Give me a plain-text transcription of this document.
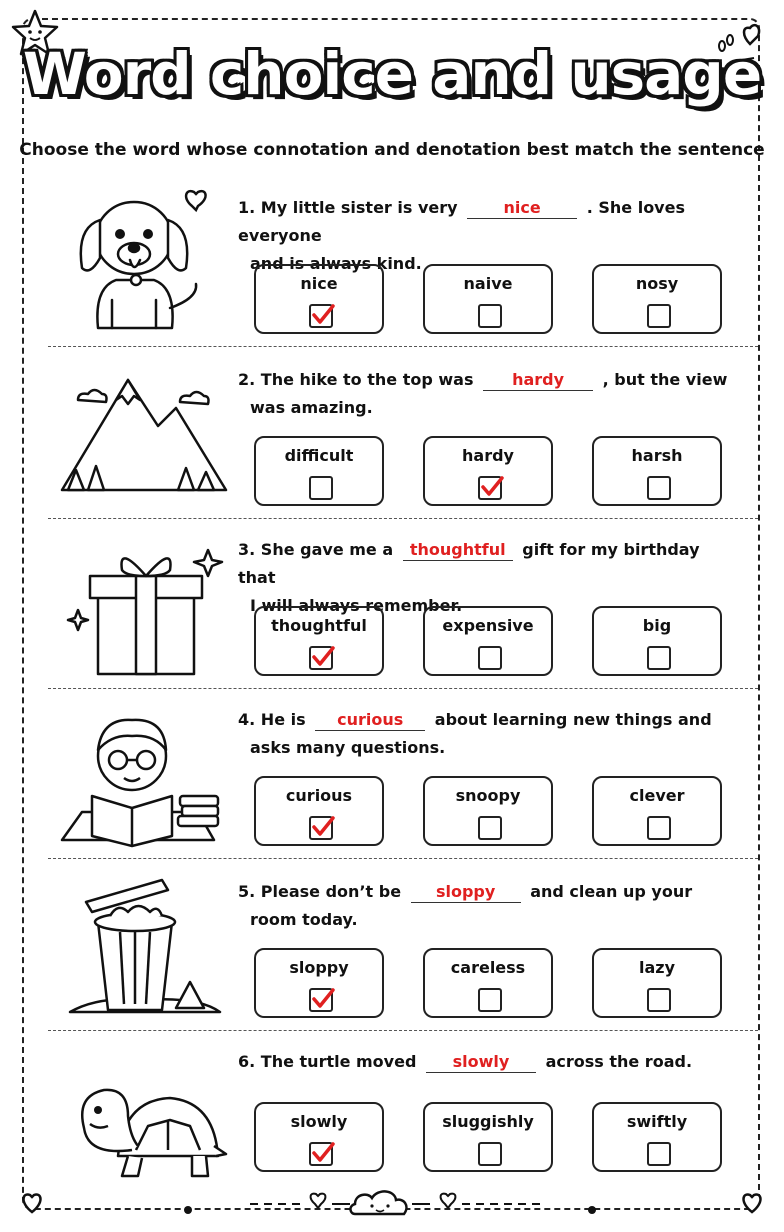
Word choice and usage
Choose the word whose connotation and denotation best match the sentence
1. My little sister is very	nice	. She loves everyone
and is always kind.
nice	naive	nosy
2. The hike to the top was hardy , but the view
was amazing.
difficult	hardy	harsh
3. She gave me a thoughtful gift for my birthday that
I will always remember.
thoughtful	expensive	big
4. He is curious about learning new things and
asks many questions.
curious	snoopy	clever
5. Please don’t be sloppy and clean up your
room today.
sloppy	careless	lazy
6. The turtle moved slowly across the road.
slowly	sluggishly	swiftly
